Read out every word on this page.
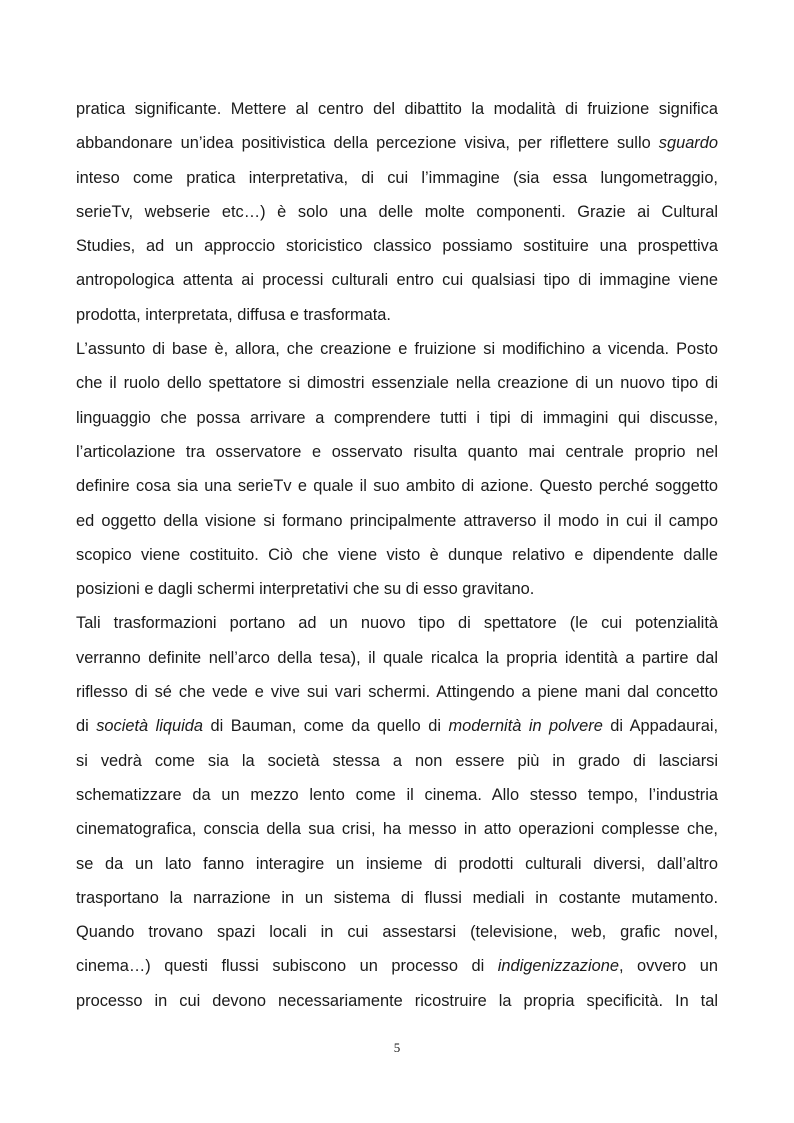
pratica significante. Mettere al centro del dibattito la modalità di fruizione significa
abbandonare un’idea positivistica della percezione visiva, per riflettere sullo sguardo
inteso come pratica interpretativa, di cui l’immagine (sia essa lungometraggio,
serieTv, webserie etc…) è solo una delle molte componenti. Grazie ai Cultural
Studies, ad un approccio storicistico classico possiamo sostituire una prospettiva
antropologica attenta ai processi culturali entro cui qualsiasi tipo di immagine viene
prodotta, interpretata, diffusa e trasformata.
L’assunto di base è, allora, che creazione e fruizione si modifichino a vicenda. Posto
che il ruolo dello spettatore si dimostri essenziale nella creazione di un nuovo tipo di
linguaggio che possa arrivare a comprendere tutti i tipi di immagini qui discusse,
l’articolazione tra osservatore e osservato risulta quanto mai centrale proprio nel
definire cosa sia una serieTv e quale il suo ambito di azione. Questo perché soggetto
ed oggetto della visione si formano principalmente attraverso il modo in cui il campo
scopico viene costituito. Ciò che viene visto è dunque relativo e dipendente dalle
posizioni e dagli schermi interpretativi che su di esso gravitano.
Tali trasformazioni portano ad un nuovo tipo di spettatore (le cui potenzialità
verranno definite nell’arco della tesa), il quale ricalca la propria identità a partire dal
riflesso di sé che vede e vive sui vari schermi. Attingendo a piene mani dal concetto
di società liquida di Bauman, come da quello di modernità in polvere di Appadaurai,
si vedrà come sia la società stessa a non essere più in grado di lasciarsi
schematizzare da un mezzo lento come il cinema. Allo stesso tempo, l’industria
cinematografica, conscia della sua crisi, ha messo in atto operazioni complesse che,
se da un lato fanno interagire un insieme di prodotti culturali diversi, dall’altro
trasportano la narrazione in un sistema di flussi mediali in costante mutamento.
Quando trovano spazi locali in cui assestarsi (televisione, web, grafic novel,
cinema…) questi flussi subiscono un processo di indigenizzazione, ovvero un
processo in cui devono necessariamente ricostruire la propria specificità. In tal
5
